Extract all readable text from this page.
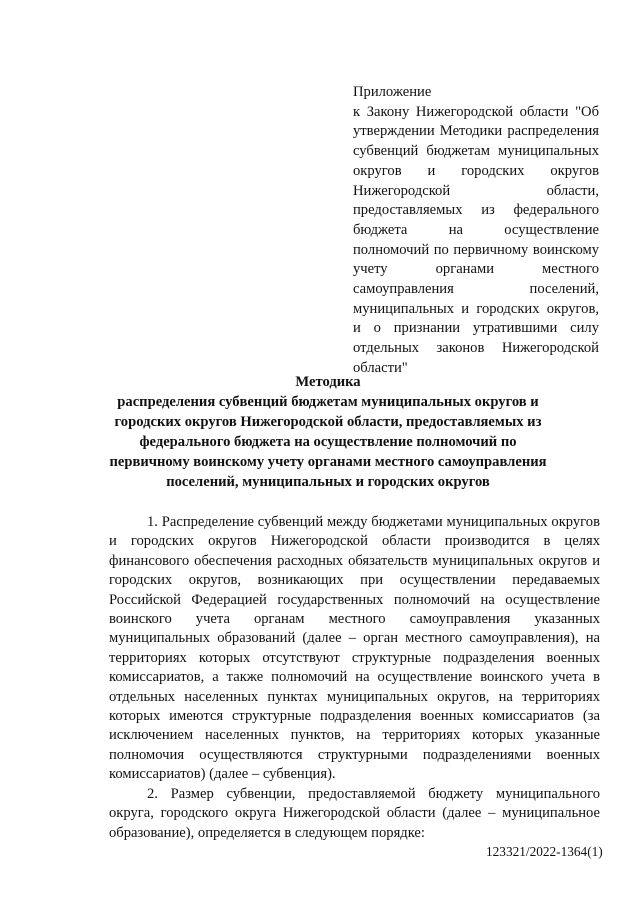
Приложение
к Закону Нижегородской области "Об утверждении Методики распределения субвенций бюджетам муниципальных округов и городских округов Нижегородской области, предоставляемых из федерального бюджета на осуществление полномочий по первичному воинскому учету органами местного самоуправления поселений, муниципальных и городских округов, и о признании утратившими силу отдельных законов Нижегородской области"
Методика
распределения субвенций бюджетам муниципальных округов и городских округов Нижегородской области, предоставляемых из федерального бюджета на осуществление полномочий по первичному воинскому учету органами местного самоуправления поселений, муниципальных и городских округов

1. Распределение субвенций между бюджетами муниципальных округов и городских округов Нижегородской области производится в целях финансового обеспечения расходных обязательств муниципальных округов и городских округов, возникающих при осуществлении передаваемых Российской Федерацией государственных полномочий на осуществление воинского учета органам местного самоуправления указанных муниципальных образований (далее – орган местного самоуправления), на территориях которых отсутствуют структурные подразделения военных комиссариатов, а также полномочий на осуществление воинского учета в отдельных населенных пунктах муниципальных округов, на территориях которых имеются структурные подразделения военных комиссариатов (за исключением населенных пунктов, на территориях которых указанные полномочия осуществляются структурными подразделениями военных комиссариатов) (далее – субвенция).

2. Размер субвенции, предоставляемой бюджету муниципального округа, городского округа Нижегородской области (далее – муниципальное образование), определяется в следующем порядке:

123321/2022-1364(1)
